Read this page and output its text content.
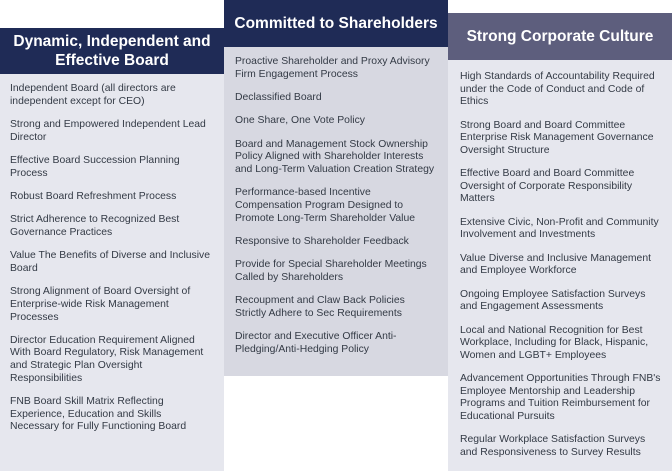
Dynamic, Independent and Effective Board
Independent Board (all directors are independent except for CEO)
Strong and Empowered Independent Lead Director
Effective Board Succession Planning Process
Robust Board Refreshment Process
Strict Adherence to Recognized Best Governance Practices
Value The Benefits of Diverse and Inclusive Board
Strong Alignment of Board Oversight of Enterprise-wide Risk Management Processes
Director Education Requirement Aligned With Board Regulatory, Risk Management and Strategic Plan Oversight Responsibilities
FNB Board Skill Matrix Reflecting Experience, Education and Skills Necessary for Fully Functioning Board
Committed to Shareholders
Proactive Shareholder and Proxy Advisory Firm Engagement Process
Declassified Board
One Share, One Vote Policy
Board and Management Stock Ownership Policy Aligned with Shareholder Interests and Long-Term Valuation Creation Strategy
Performance-based Incentive Compensation Program Designed to Promote Long-Term Shareholder Value
Responsive to Shareholder Feedback
Provide for Special Shareholder Meetings Called by Shareholders
Recoupment and Claw Back Policies Strictly Adhere to Sec Requirements
Director and Executive Officer Anti-Pledging/Anti-Hedging Policy
Strong Corporate Culture
High Standards of Accountability Required under the Code of Conduct and Code of Ethics
Strong Board and Board Committee Enterprise Risk Management Governance Oversight Structure
Effective Board and Board Committee Oversight of Corporate Responsibility Matters
Extensive Civic, Non-Profit and Community Involvement and Investments
Value Diverse and Inclusive Management and Employee Workforce
Ongoing Employee Satisfaction Surveys and Engagement Assessments
Local and National Recognition for Best Workplace, Including for Black, Hispanic, Women and LGBT+ Employees
Advancement Opportunities Through FNB's Employee Mentorship and Leadership Programs and Tuition Reimbursement for Educational Pursuits
Regular Workplace Satisfaction Surveys and Responsiveness to Survey Results
